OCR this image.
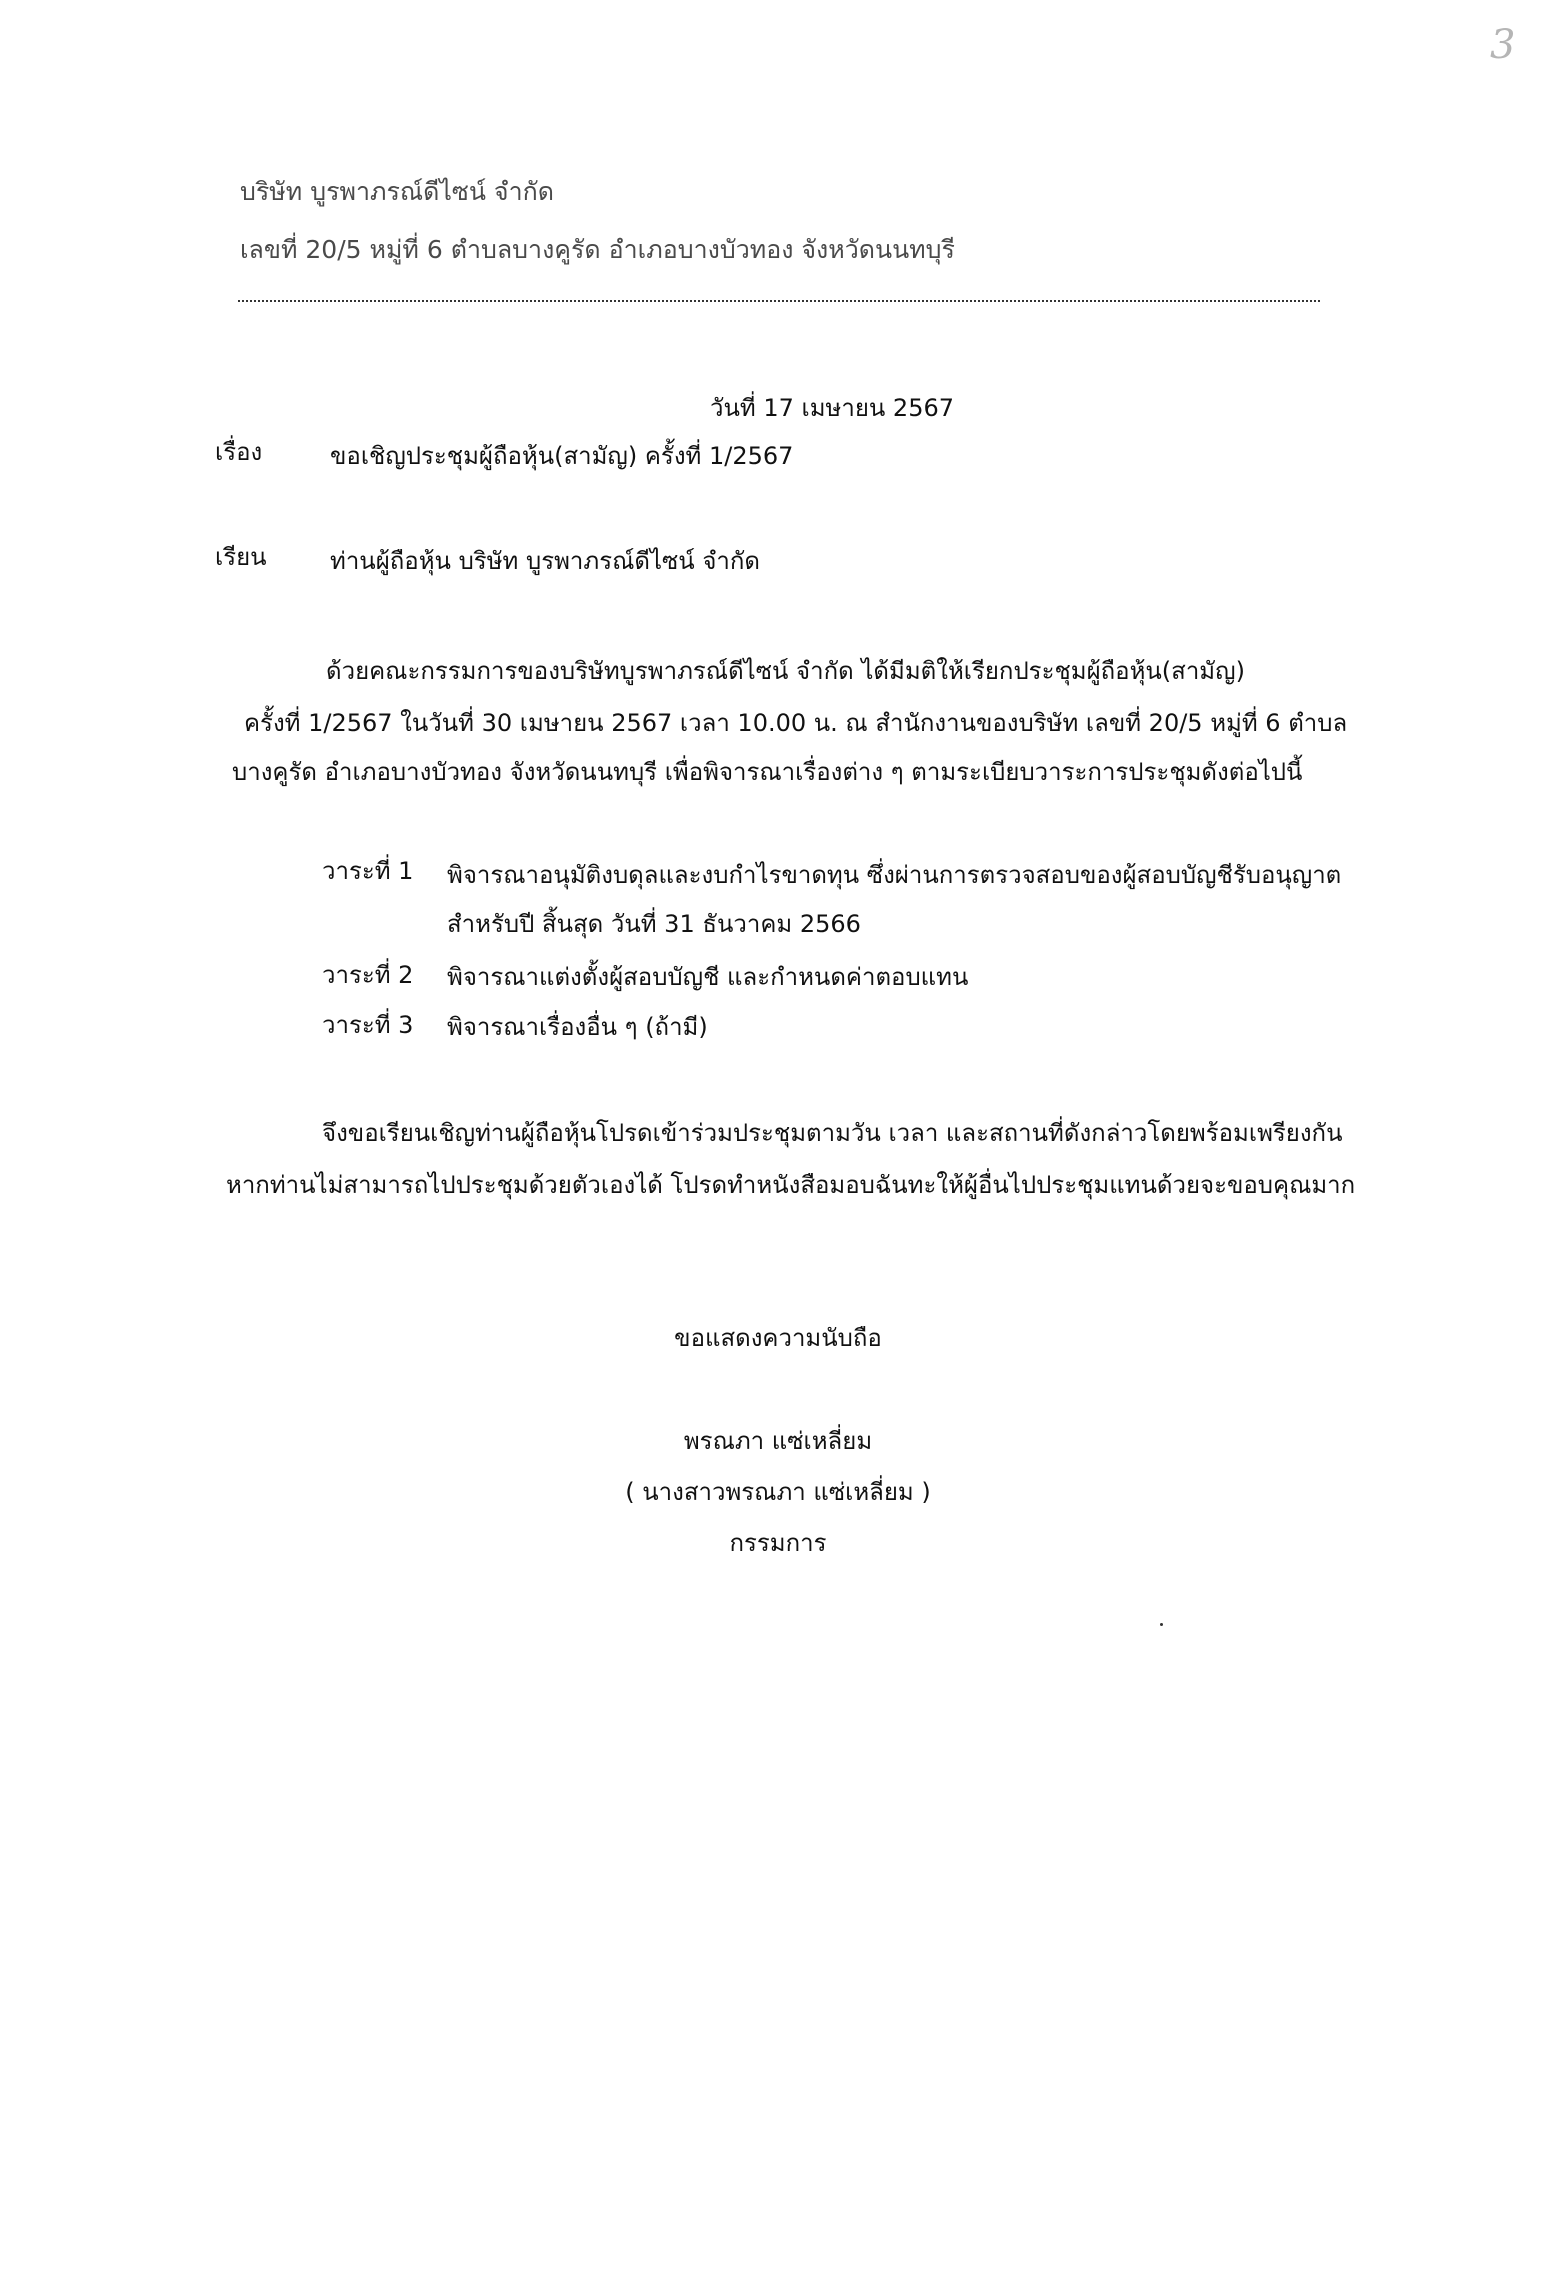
3
บริษัท บูรพาภรณ์ดีไซน์ จำกัด
เลขที่ 20/5 หมู่ที่ 6 ตำบลบางคูรัด อำเภอบางบัวทอง จังหวัดนนทบุรี
วันที่ 17 เมษายน 2567
เรื่อง	ขอเชิญประชุมผู้ถือหุ้น(สามัญ) ครั้งที่ 1/2567
เรียน	ท่านผู้ถือหุ้น บริษัท บูรพาภรณ์ดีไซน์ จำกัด
ด้วยคณะกรรมการของบริษัทบูรพาภรณ์ดีไซน์ จำกัด ได้มีมติให้เรียกประชุมผู้ถือหุ้น(สามัญ)
ครั้งที่ 1/2567 ในวันที่ 30 เมษายน 2567 เวลา 10.00 น. ณ สำนักงานของบริษัท เลขที่ 20/5 หมู่ที่ 6 ตำบล
บางคูรัด อำเภอบางบัวทอง จังหวัดนนทบุรี เพื่อพิจารณาเรื่องต่าง ๆ ตามระเบียบวาระการประชุมดังต่อไปนี้
วาระที่ 1 พิจารณาอนุมัติงบดุลและงบกำไรขาดทุน ซึ่งผ่านการตรวจสอบของผู้สอบบัญชีรับอนุญาต
สำหรับปี สิ้นสุด วันที่ 31 ธันวาคม 2566
วาระที่ 2 พิจารณาแต่งตั้งผู้สอบบัญชี และกำหนดค่าตอบแทน
วาระที่ 3 พิจารณาเรื่องอื่น ๆ (ถ้ามี)
จึงขอเรียนเชิญท่านผู้ถือหุ้นโปรดเข้าร่วมประชุมตามวัน เวลา และสถานที่ดังกล่าวโดยพร้อมเพรียงกัน
หากท่านไม่สามารถไปประชุมด้วยตัวเองได้ โปรดทำหนังสือมอบฉันทะให้ผู้อื่นไปประชุมแทนด้วยจะขอบคุณมาก
ขอแสดงความนับถือ
พรณภา แซ่เหลี่ยม
( นางสาวพรณภา แซ่เหลี่ยม )
กรรมการ
